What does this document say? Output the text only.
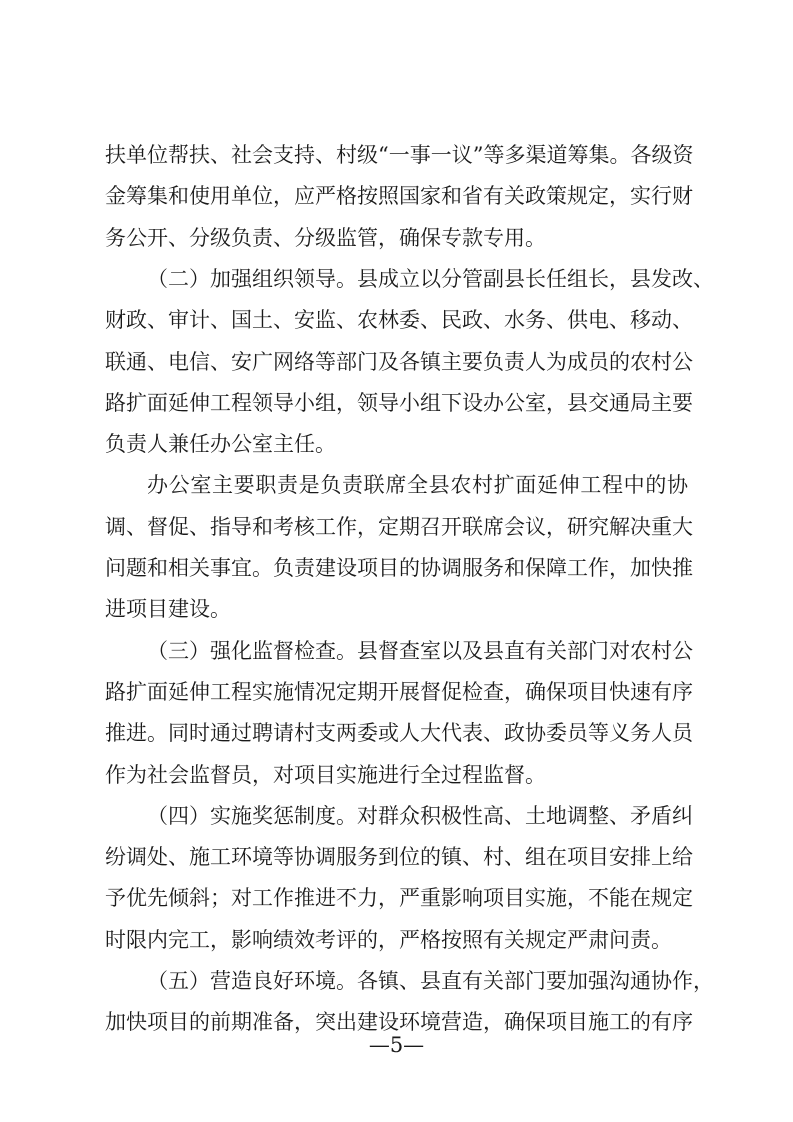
扶单位帮扶、社会支持、村级“一事一议”等多渠道筹集。各级资
金筹集和使用单位，应严格按照国家和省有关政策规定，实行财
务公开、分级负责、分级监管，确保专款专用。
（二）加强组织领导。县成立以分管副县长任组长，县发改、
财政、审计、国土、安监、农林委、民政、水务、供电、移动、
联通、电信、安广网络等部门及各镇主要负责人为成员的农村公
路扩面延伸工程领导小组，领导小组下设办公室，县交通局主要
负责人兼任办公室主任。
办公室主要职责是负责联席全县农村扩面延伸工程中的协
调、督促、指导和考核工作，定期召开联席会议，研究解决重大
问题和相关事宜。负责建设项目的协调服务和保障工作，加快推
进项目建设。
（三）强化监督检查。县督查室以及县直有关部门对农村公
路扩面延伸工程实施情况定期开展督促检查，确保项目快速有序
推进。同时通过聘请村支两委或人大代表、政协委员等义务人员
作为社会监督员，对项目实施进行全过程监督。
（四）实施奖惩制度。对群众积极性高、土地调整、矛盾纠
纷调处、施工环境等协调服务到位的镇、村、组在项目安排上给
予优先倾斜；对工作推进不力，严重影响项目实施，不能在规定
时限内完工，影响绩效考评的，严格按照有关规定严肃问责。
（五）营造良好环境。各镇、县直有关部门要加强沟通协作，
加快项目的前期准备，突出建设环境营造，确保项目施工的有序
—5—
